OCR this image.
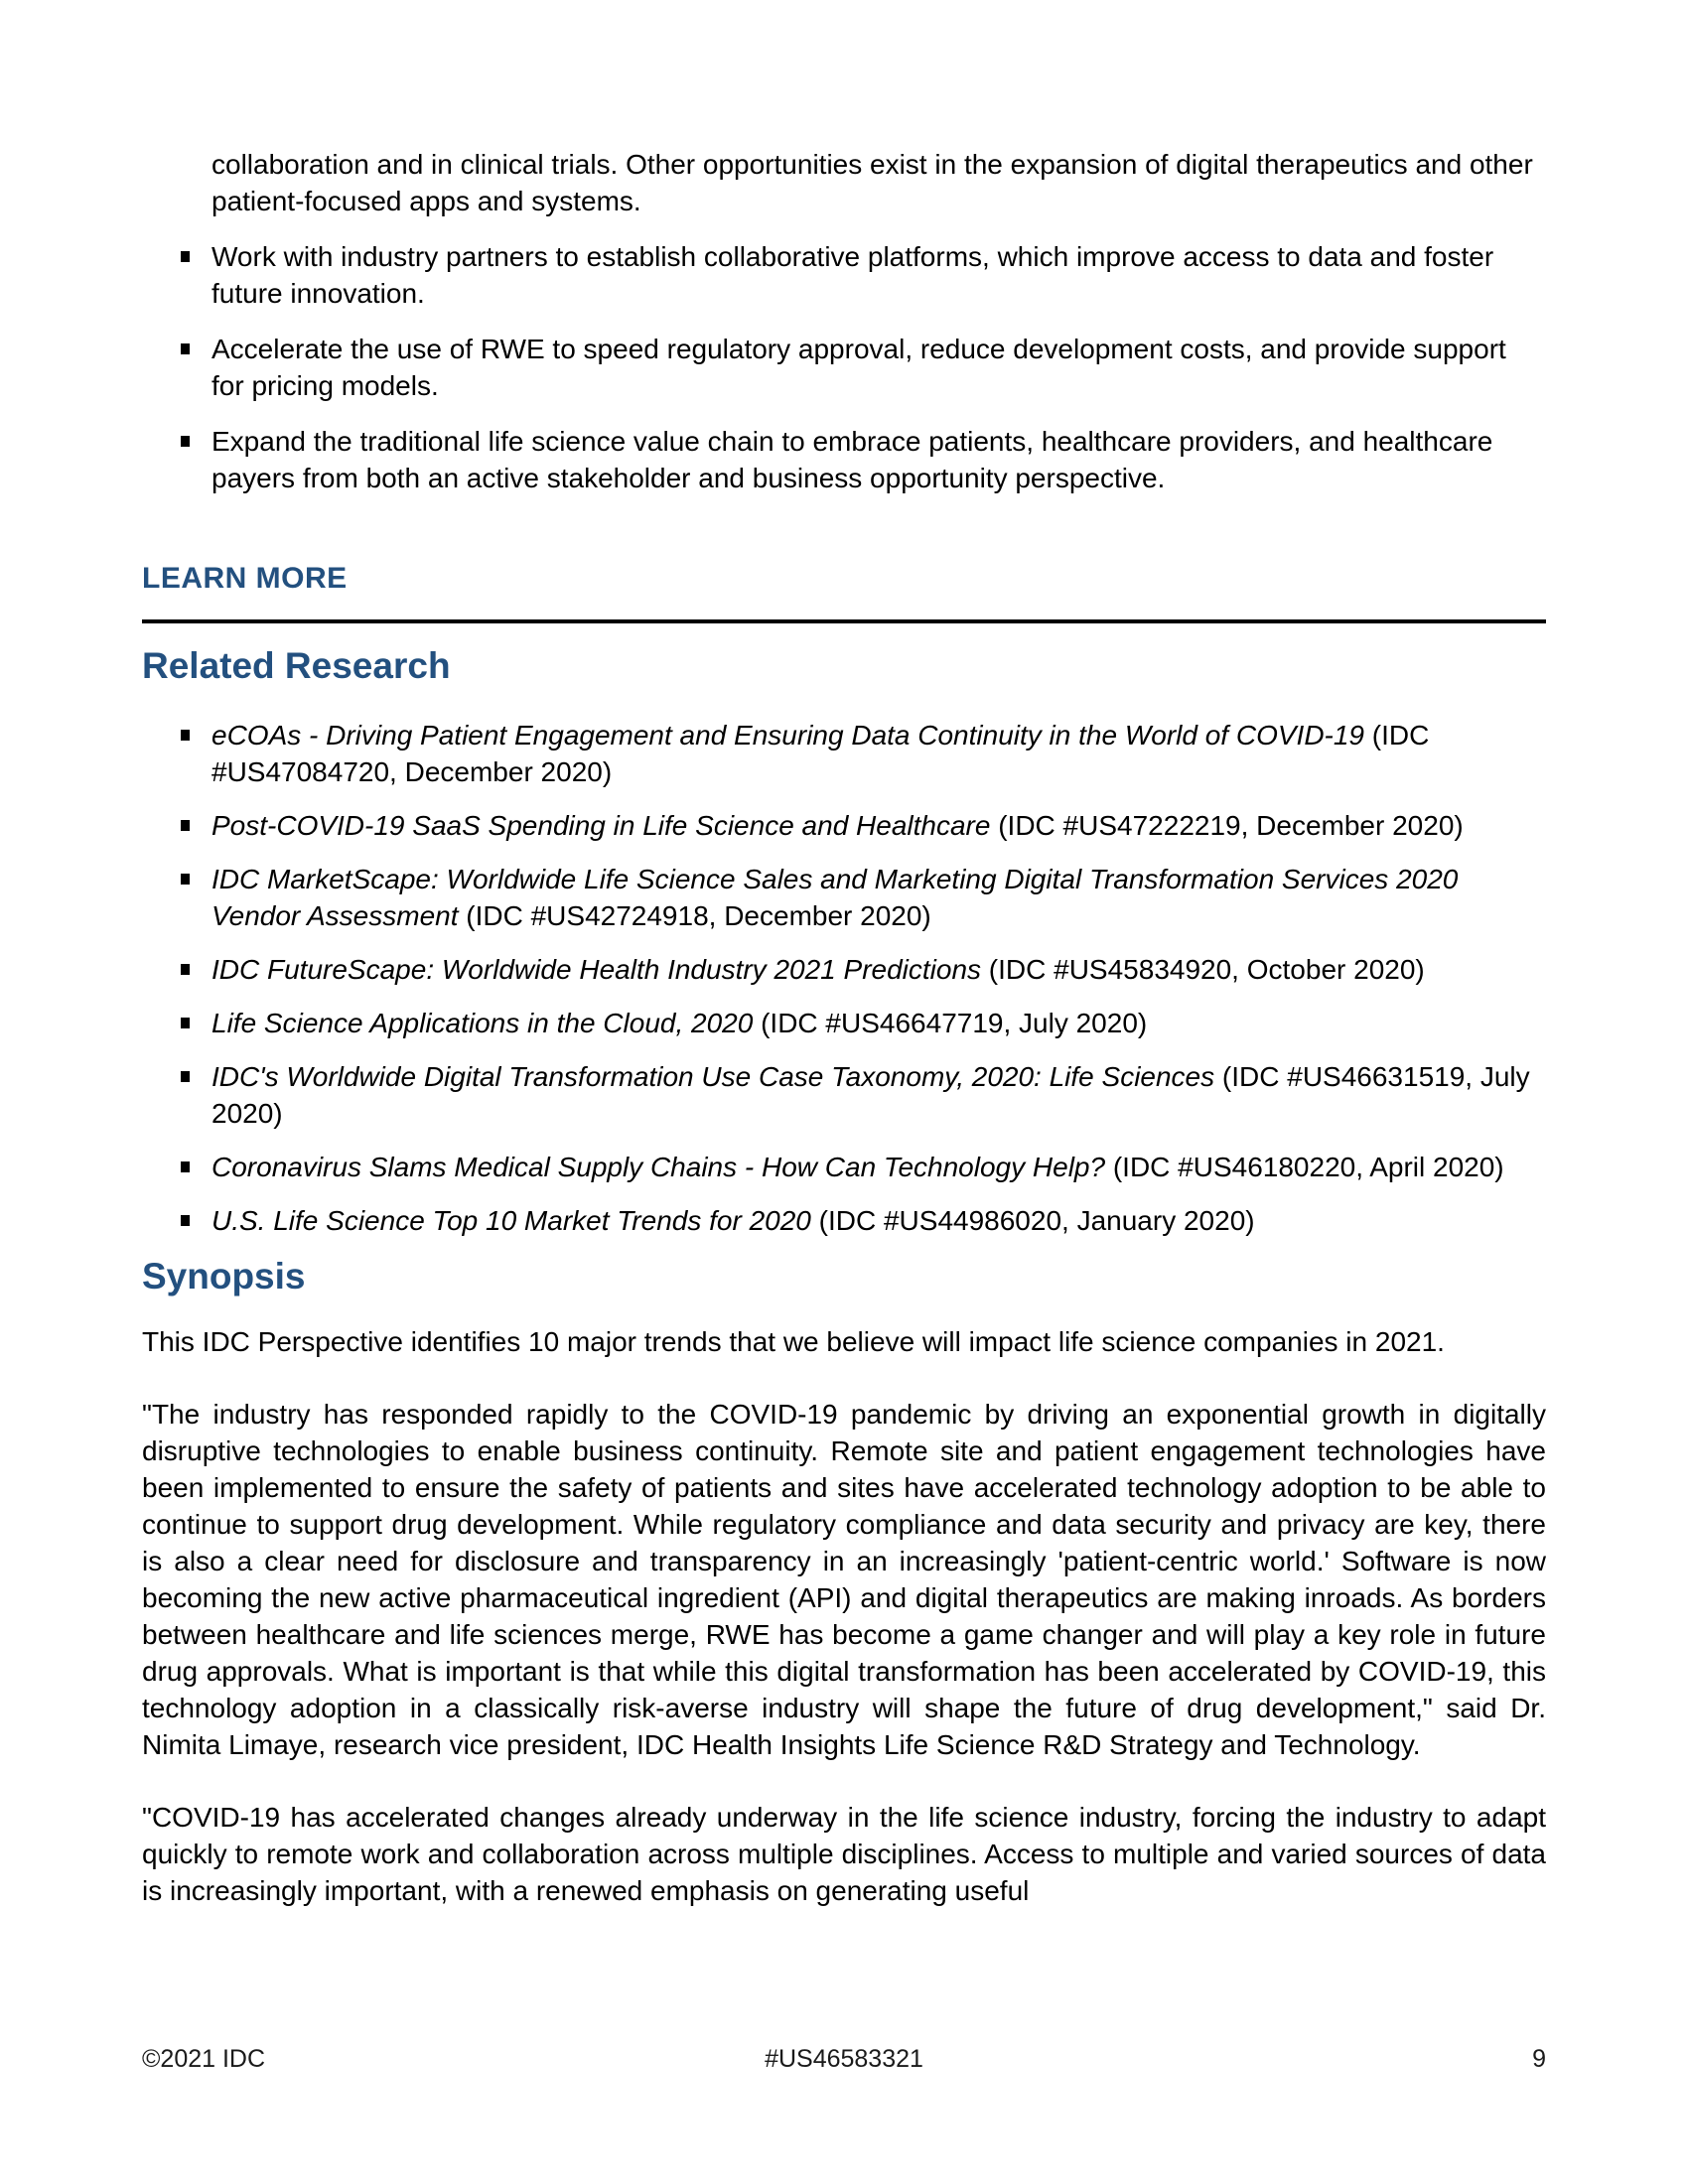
collaboration and in clinical trials. Other opportunities exist in the expansion of digital therapeutics and other patient-focused apps and systems.

Work with industry partners to establish collaborative platforms, which improve access to data and foster future innovation.
Accelerate the use of RWE to speed regulatory approval, reduce development costs, and provide support for pricing models.
Expand the traditional life science value chain to embrace patients, healthcare providers, and healthcare payers from both an active stakeholder and business opportunity perspective.
LEARN MORE
Related Research
eCOAs - Driving Patient Engagement and Ensuring Data Continuity in the World of COVID-19 (IDC #US47084720, December 2020)
Post-COVID-19 SaaS Spending in Life Science and Healthcare (IDC #US47222219, December 2020)
IDC MarketScape: Worldwide Life Science Sales and Marketing Digital Transformation Services 2020 Vendor Assessment (IDC #US42724918, December 2020)
IDC FutureScape: Worldwide Health Industry 2021 Predictions (IDC #US45834920, October 2020)
Life Science Applications in the Cloud, 2020 (IDC #US46647719, July 2020)
IDC's Worldwide Digital Transformation Use Case Taxonomy, 2020: Life Sciences (IDC #US46631519, July 2020)
Coronavirus Slams Medical Supply Chains - How Can Technology Help? (IDC #US46180220, April 2020)
U.S. Life Science Top 10 Market Trends for 2020 (IDC #US44986020, January 2020)
Synopsis

This IDC Perspective identifies 10 major trends that we believe will impact life science companies in 2021.

"The industry has responded rapidly to the COVID-19 pandemic by driving an exponential growth in digitally disruptive technologies to enable business continuity. Remote site and patient engagement technologies have been implemented to ensure the safety of patients and sites have accelerated technology adoption to be able to continue to support drug development. While regulatory compliance and data security and privacy are key, there is also a clear need for disclosure and transparency in an increasingly 'patient-centric world.' Software is now becoming the new active pharmaceutical ingredient (API) and digital therapeutics are making inroads. As borders between healthcare and life sciences merge, RWE has become a game changer and will play a key role in future drug approvals. What is important is that while this digital transformation has been accelerated by COVID-19, this technology adoption in a classically risk-averse industry will shape the future of drug development," said Dr. Nimita Limaye, research vice president, IDC Health Insights Life Science R&D Strategy and Technology.

"COVID-19 has accelerated changes already underway in the life science industry, forcing the industry to adapt quickly to remote work and collaboration across multiple disciplines. Access to multiple and varied sources of data is increasingly important, with a renewed emphasis on generating useful

©2021 IDC	#US46583321	9
